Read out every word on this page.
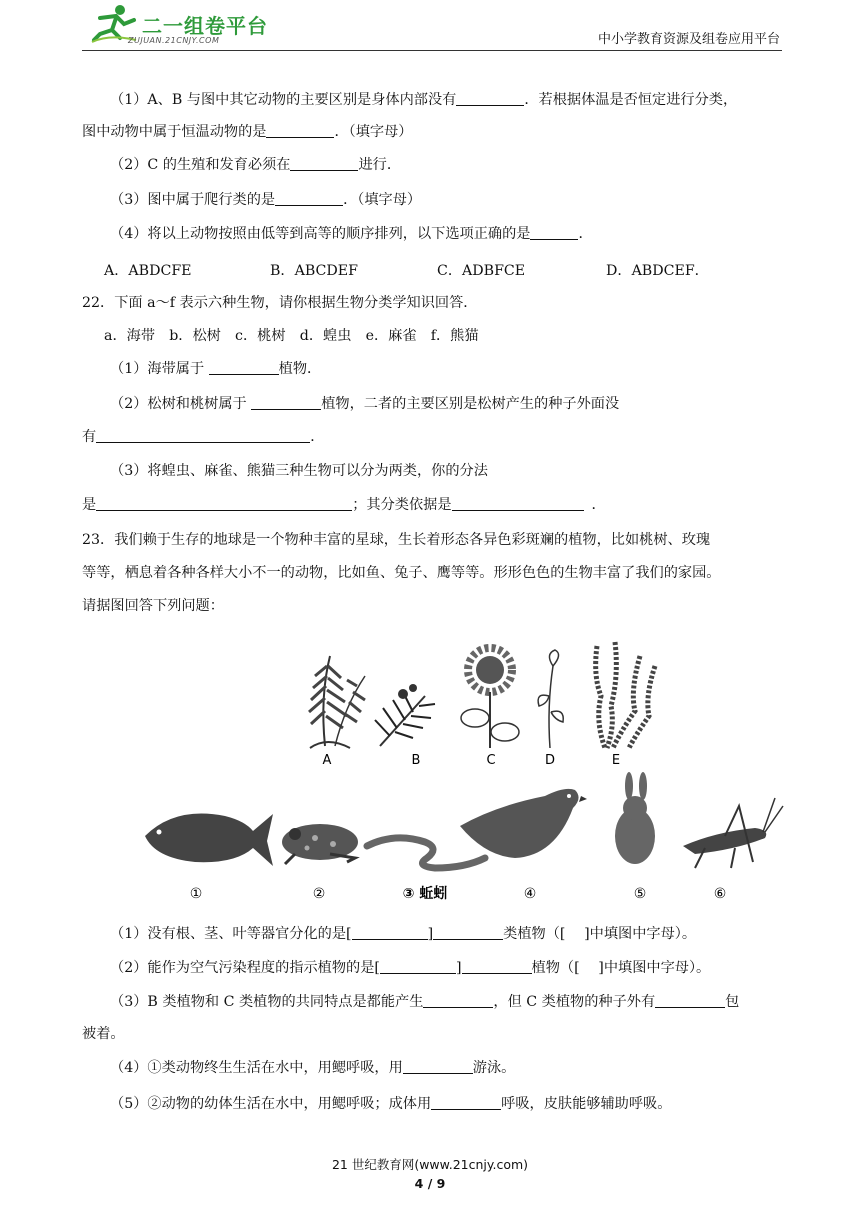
二一组卷平台
ZUJUAN.21CNJY.COM	中小学教育资源及组卷应用平台
（1）A、B 与图中其它动物的主要区别是身体内部没有	．若根据体温是否恒定进行分类，
图中动物中属于恒温动物的是	．（填字母）
（2）C 的生殖和发育必须在	进行．
（3）图中属于爬行类的是	．（填字母）
（4）将以上动物按照由低等到高等的顺序排列，以下选项正确的是	．
A．ABDCFE	B．ABCDEF	C．ADBFCE	D．ABDCEF．
22．下面 a～f 表示六种生物，请你根据生物分类学知识回答．
a．海带　b．松树　c．桃树　d．蝗虫　e．麻雀　f．熊猫
（1）海带属于	植物．
（2）松树和桃树属于	植物，二者的主要区别是松树产生的种子外面没
有	．
（3）将蝗虫、麻雀、熊猫三种生物可以分为两类，你的分法
是	；其分类依据是	．
23．我们赖于生存的地球是一个物种丰富的星球，生长着形态各异色彩斑斓的植物，比如桃树、玫瑰
等等，栖息着各种各样大小不一的动物，比如鱼、兔子、鹰等等。形形色色的生物丰富了我们的家园。
请据图回答下列问题：
A	B	C	D	E
①	②	③ 蚯蚓	④	⑤	⑥
（1）没有根、茎、叶等器官分化的是[	]	类植物（[　 ]中填图中字母）。
（2）能作为空气污染程度的指示植物的是[	]	植物（[　 ]中填图中字母）。
（3）B 类植物和 C 类植物的共同特点是都能产生	，但 C 类植物的种子外有	包
被着。
（4）①类动物终生生活在水中，用鳃呼吸，用	游泳。
（5）②动物的幼体生活在水中，用鳃呼吸；成体用	呼吸，皮肤能够辅助呼吸。
21 世纪教育网(www.21cnjy.com)
4 / 9
